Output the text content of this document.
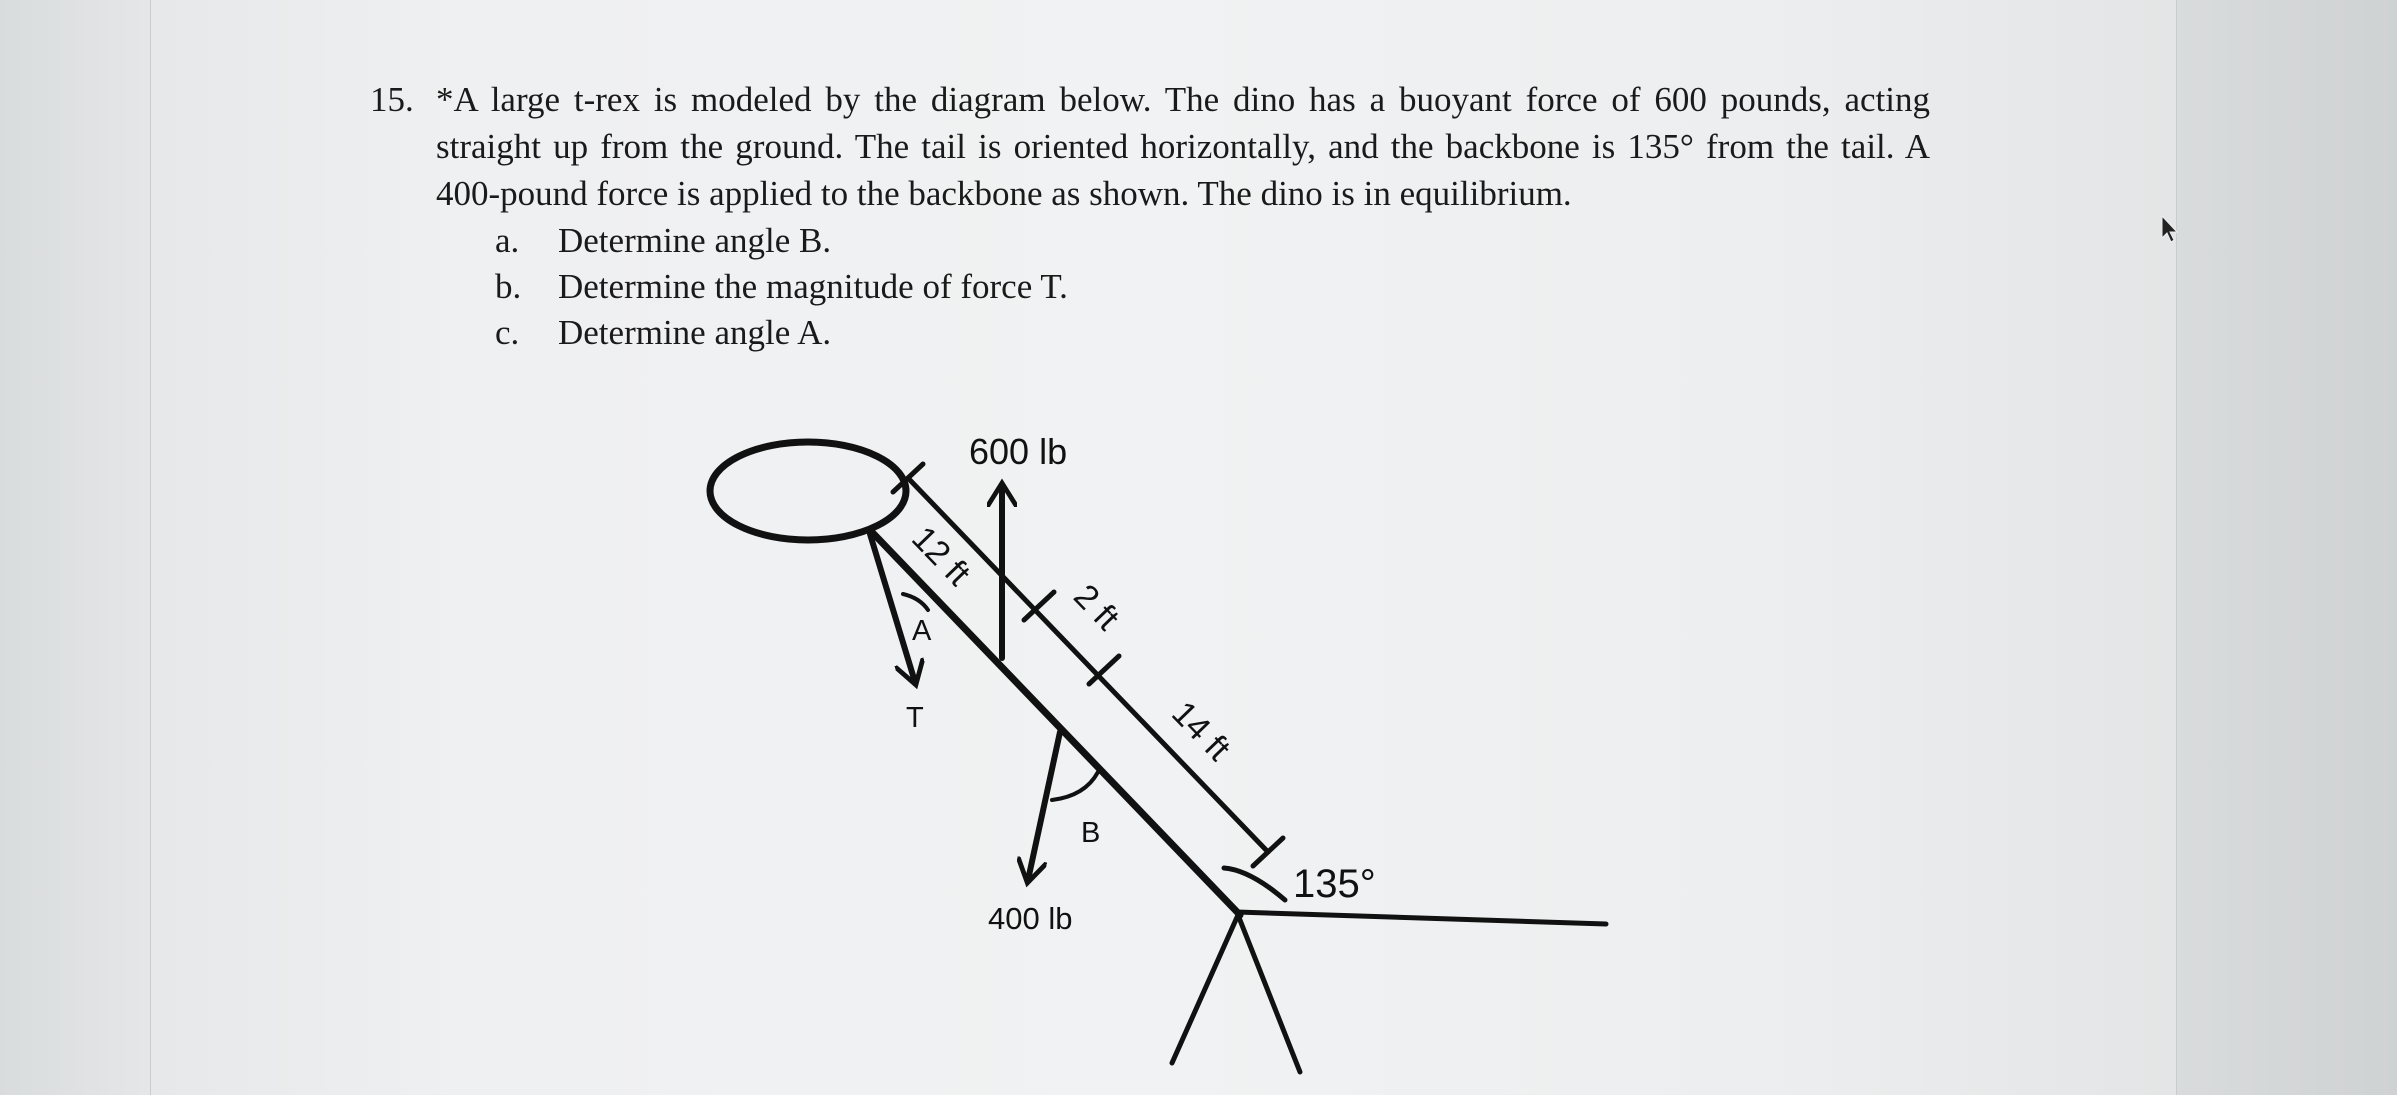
15. *A large t-rex is modeled by the diagram below. The dino has a buoyant force of 600 pounds, acting straight up from the ground. The tail is oriented horizontally, and the backbone is 135° from the tail. A 400-pound force is applied to the backbone as shown. The dino is in equilibrium.
a. Determine angle B.
b. Determine the magnitude of force T.
c. Determine angle A.
600 lb
400 lb
135°
A
B
T
12 ft
2 ft
14 ft
